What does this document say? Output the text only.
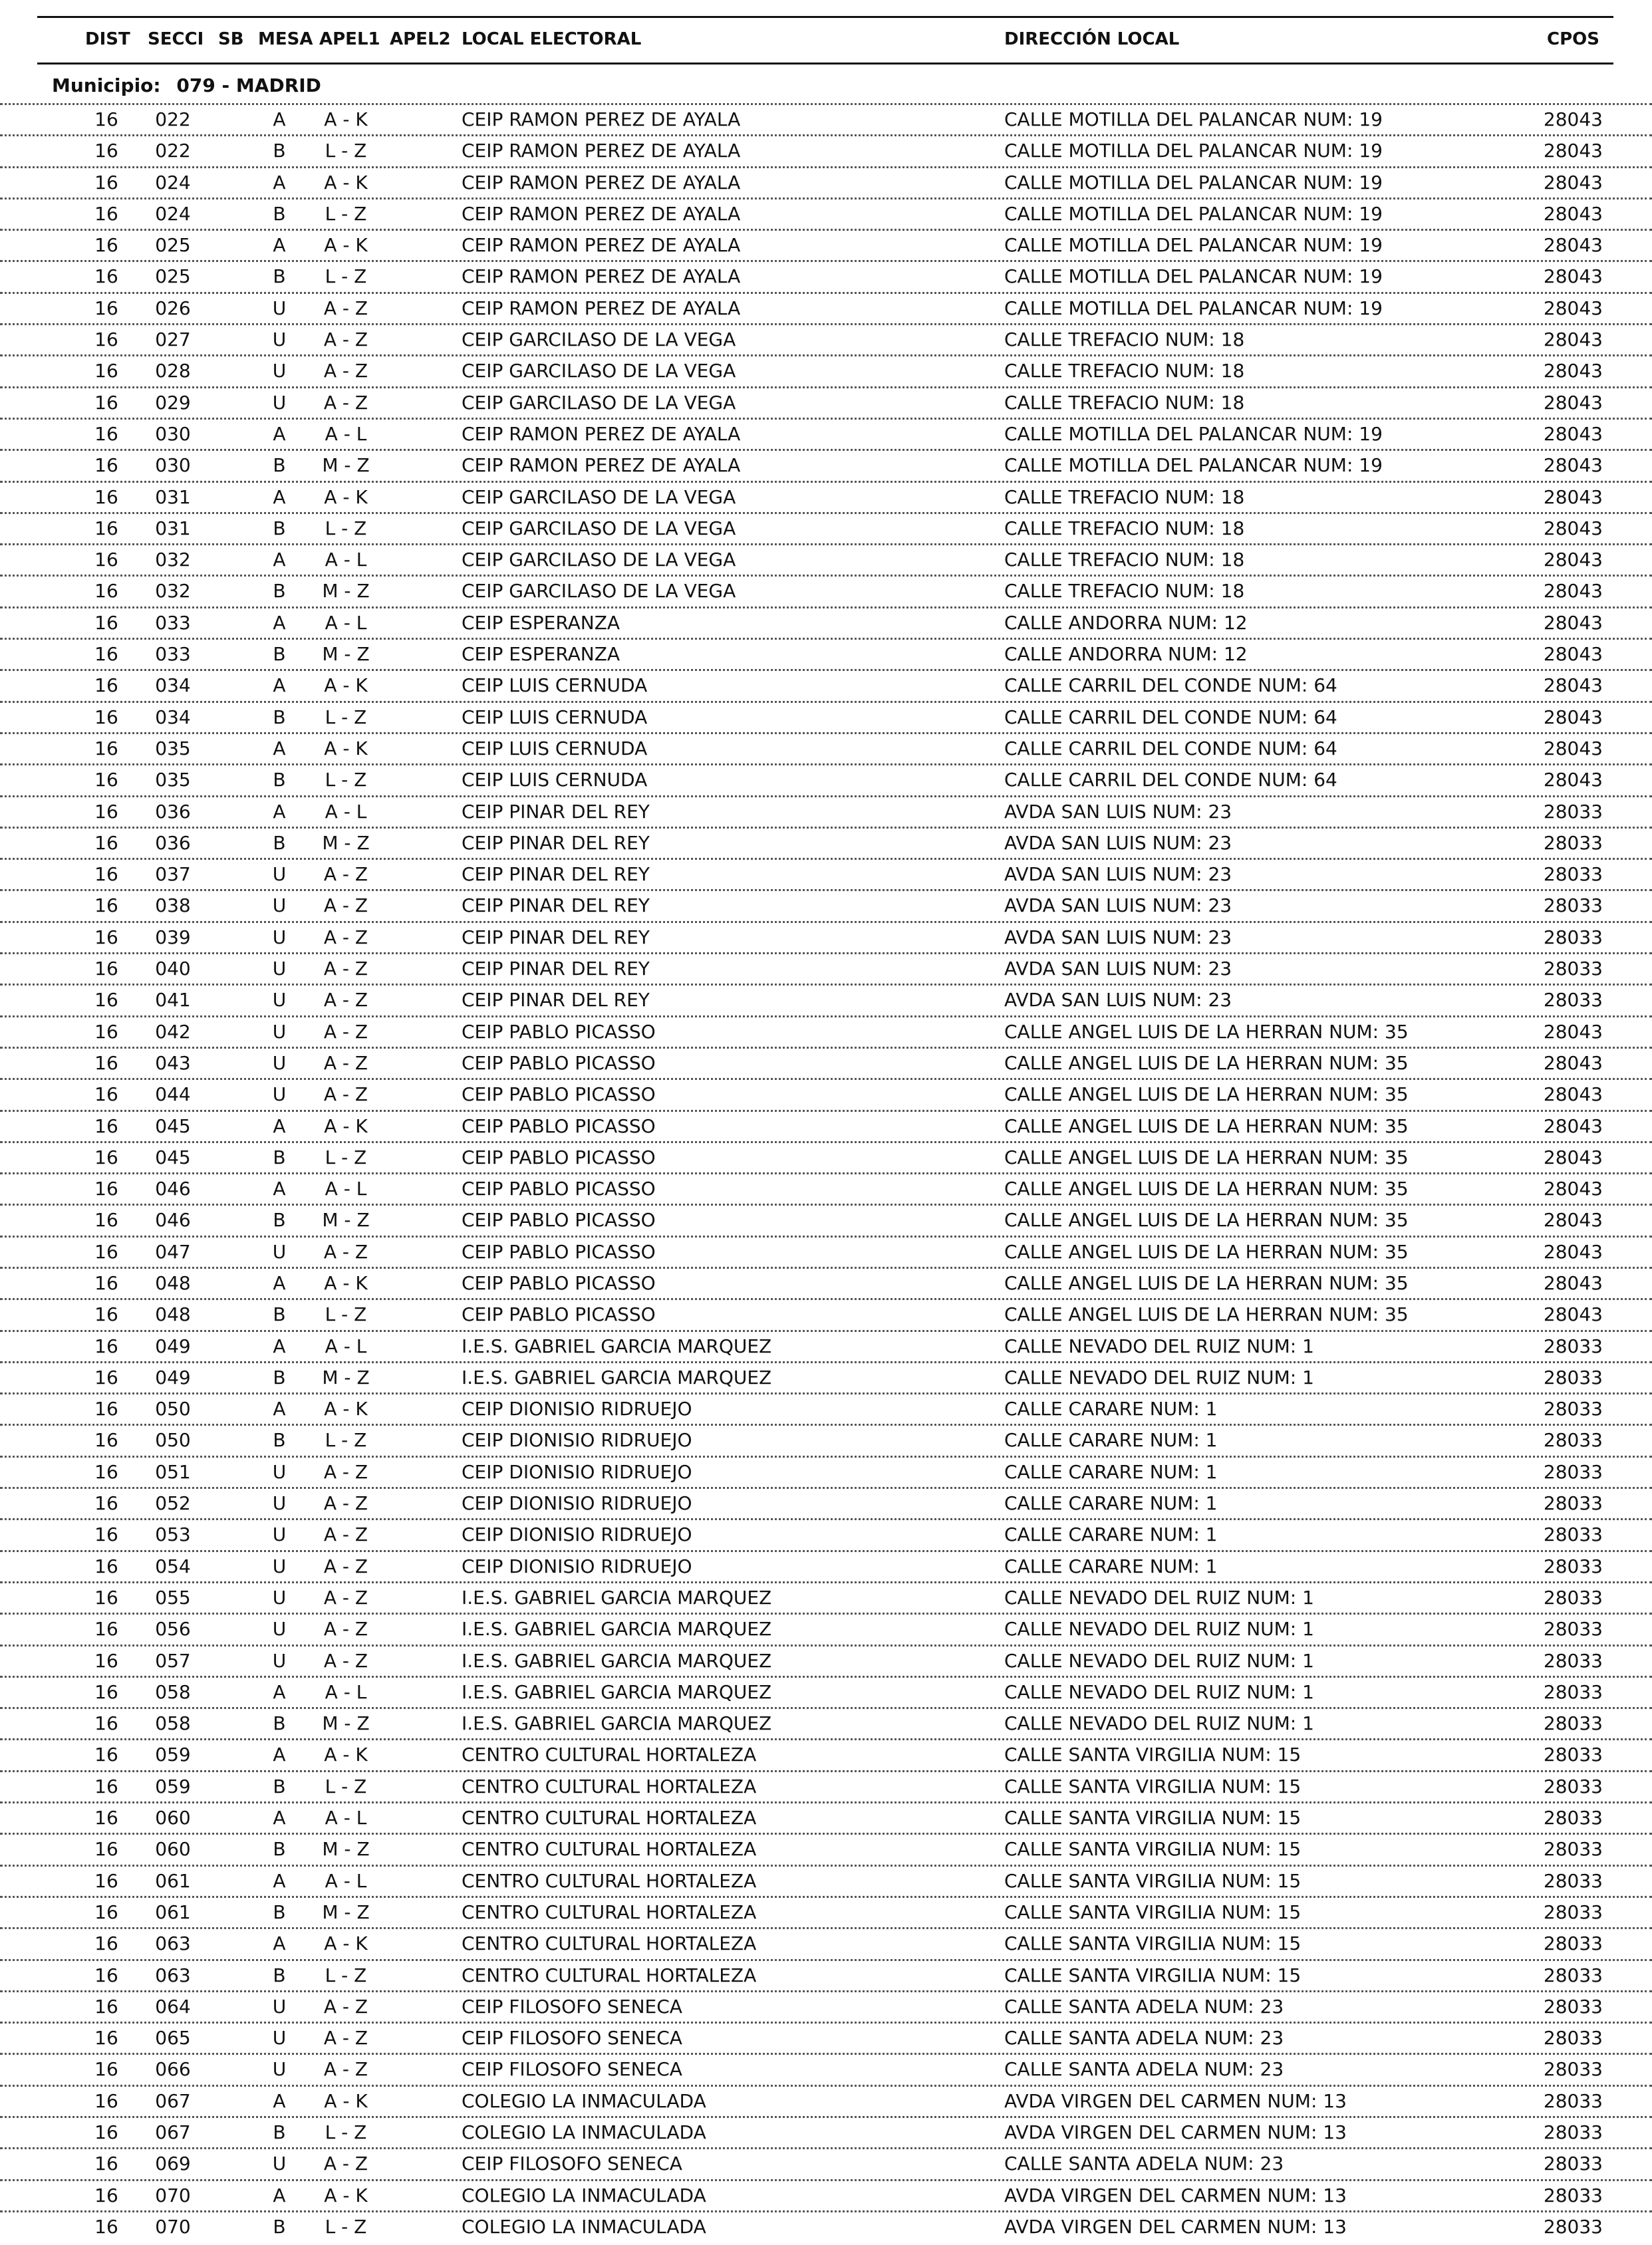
DIST SECCI SB MESA APEL1 APEL2 LOCAL ELECTORAL	DIRECCIÓN LOCAL	CPOS
Municipio: 079 - MADRID
16	022	A	A - K	CEIP RAMON PEREZ DE AYALA	CALLE MOTILLA DEL PALANCAR NUM: 19	28043
16	022	B	L - Z	CEIP RAMON PEREZ DE AYALA	CALLE MOTILLA DEL PALANCAR NUM: 19	28043
16	024	A	A - K	CEIP RAMON PEREZ DE AYALA	CALLE MOTILLA DEL PALANCAR NUM: 19	28043
16	024	B	L - Z	CEIP RAMON PEREZ DE AYALA	CALLE MOTILLA DEL PALANCAR NUM: 19	28043
16	025	A	A - K	CEIP RAMON PEREZ DE AYALA	CALLE MOTILLA DEL PALANCAR NUM: 19	28043
16	025	B	L - Z	CEIP RAMON PEREZ DE AYALA	CALLE MOTILLA DEL PALANCAR NUM: 19	28043
16	026	U	A - Z	CEIP RAMON PEREZ DE AYALA	CALLE MOTILLA DEL PALANCAR NUM: 19	28043
16	027	U	A - Z	CEIP GARCILASO DE LA VEGA	CALLE TREFACIO NUM: 18	28043
16	028	U	A - Z	CEIP GARCILASO DE LA VEGA	CALLE TREFACIO NUM: 18	28043
16	029	U	A - Z	CEIP GARCILASO DE LA VEGA	CALLE TREFACIO NUM: 18	28043
16	030	A	A - L	CEIP RAMON PEREZ DE AYALA	CALLE MOTILLA DEL PALANCAR NUM: 19	28043
16	030	B	M - Z	CEIP RAMON PEREZ DE AYALA	CALLE MOTILLA DEL PALANCAR NUM: 19	28043
16	031	A	A - K	CEIP GARCILASO DE LA VEGA	CALLE TREFACIO NUM: 18	28043
16	031	B	L - Z	CEIP GARCILASO DE LA VEGA	CALLE TREFACIO NUM: 18	28043
16	032	A	A - L	CEIP GARCILASO DE LA VEGA	CALLE TREFACIO NUM: 18	28043
16	032	B	M - Z	CEIP GARCILASO DE LA VEGA	CALLE TREFACIO NUM: 18	28043
16	033	A	A - L	CEIP ESPERANZA	CALLE ANDORRA NUM: 12	28043
16	033	B	M - Z	CEIP ESPERANZA	CALLE ANDORRA NUM: 12	28043
16	034	A	A - K	CEIP LUIS CERNUDA	CALLE CARRIL DEL CONDE NUM: 64	28043
16	034	B	L - Z	CEIP LUIS CERNUDA	CALLE CARRIL DEL CONDE NUM: 64	28043
16	035	A	A - K	CEIP LUIS CERNUDA	CALLE CARRIL DEL CONDE NUM: 64	28043
16	035	B	L - Z	CEIP LUIS CERNUDA	CALLE CARRIL DEL CONDE NUM: 64	28043
16	036	A	A - L	CEIP PINAR DEL REY	AVDA SAN LUIS NUM: 23	28033
16	036	B	M - Z	CEIP PINAR DEL REY	AVDA SAN LUIS NUM: 23	28033
16	037	U	A - Z	CEIP PINAR DEL REY	AVDA SAN LUIS NUM: 23	28033
16	038	U	A - Z	CEIP PINAR DEL REY	AVDA SAN LUIS NUM: 23	28033
16	039	U	A - Z	CEIP PINAR DEL REY	AVDA SAN LUIS NUM: 23	28033
16	040	U	A - Z	CEIP PINAR DEL REY	AVDA SAN LUIS NUM: 23	28033
16	041	U	A - Z	CEIP PINAR DEL REY	AVDA SAN LUIS NUM: 23	28033
16	042	U	A - Z	CEIP PABLO PICASSO	CALLE ANGEL LUIS DE LA HERRAN NUM: 35	28043
16	043	U	A - Z	CEIP PABLO PICASSO	CALLE ANGEL LUIS DE LA HERRAN NUM: 35	28043
16	044	U	A - Z	CEIP PABLO PICASSO	CALLE ANGEL LUIS DE LA HERRAN NUM: 35	28043
16	045	A	A - K	CEIP PABLO PICASSO	CALLE ANGEL LUIS DE LA HERRAN NUM: 35	28043
16	045	B	L - Z	CEIP PABLO PICASSO	CALLE ANGEL LUIS DE LA HERRAN NUM: 35	28043
16	046	A	A - L	CEIP PABLO PICASSO	CALLE ANGEL LUIS DE LA HERRAN NUM: 35	28043
16	046	B	M - Z	CEIP PABLO PICASSO	CALLE ANGEL LUIS DE LA HERRAN NUM: 35	28043
16	047	U	A - Z	CEIP PABLO PICASSO	CALLE ANGEL LUIS DE LA HERRAN NUM: 35	28043
16	048	A	A - K	CEIP PABLO PICASSO	CALLE ANGEL LUIS DE LA HERRAN NUM: 35	28043
16	048	B	L - Z	CEIP PABLO PICASSO	CALLE ANGEL LUIS DE LA HERRAN NUM: 35	28043
16	049	A	A - L	I.E.S. GABRIEL GARCIA MARQUEZ	CALLE NEVADO DEL RUIZ NUM: 1	28033
16	049	B	M - Z	I.E.S. GABRIEL GARCIA MARQUEZ	CALLE NEVADO DEL RUIZ NUM: 1	28033
16	050	A	A - K	CEIP DIONISIO RIDRUEJO	CALLE CARARE NUM: 1	28033
16	050	B	L - Z	CEIP DIONISIO RIDRUEJO	CALLE CARARE NUM: 1	28033
16	051	U	A - Z	CEIP DIONISIO RIDRUEJO	CALLE CARARE NUM: 1	28033
16	052	U	A - Z	CEIP DIONISIO RIDRUEJO	CALLE CARARE NUM: 1	28033
16	053	U	A - Z	CEIP DIONISIO RIDRUEJO	CALLE CARARE NUM: 1	28033
16	054	U	A - Z	CEIP DIONISIO RIDRUEJO	CALLE CARARE NUM: 1	28033
16	055	U	A - Z	I.E.S. GABRIEL GARCIA MARQUEZ	CALLE NEVADO DEL RUIZ NUM: 1	28033
16	056	U	A - Z	I.E.S. GABRIEL GARCIA MARQUEZ	CALLE NEVADO DEL RUIZ NUM: 1	28033
16	057	U	A - Z	I.E.S. GABRIEL GARCIA MARQUEZ	CALLE NEVADO DEL RUIZ NUM: 1	28033
16	058	A	A - L	I.E.S. GABRIEL GARCIA MARQUEZ	CALLE NEVADO DEL RUIZ NUM: 1	28033
16	058	B	M - Z	I.E.S. GABRIEL GARCIA MARQUEZ	CALLE NEVADO DEL RUIZ NUM: 1	28033
16	059	A	A - K	CENTRO CULTURAL HORTALEZA	CALLE SANTA VIRGILIA NUM: 15	28033
16	059	B	L - Z	CENTRO CULTURAL HORTALEZA	CALLE SANTA VIRGILIA NUM: 15	28033
16	060	A	A - L	CENTRO CULTURAL HORTALEZA	CALLE SANTA VIRGILIA NUM: 15	28033
16	060	B	M - Z	CENTRO CULTURAL HORTALEZA	CALLE SANTA VIRGILIA NUM: 15	28033
16	061	A	A - L	CENTRO CULTURAL HORTALEZA	CALLE SANTA VIRGILIA NUM: 15	28033
16	061	B	M - Z	CENTRO CULTURAL HORTALEZA	CALLE SANTA VIRGILIA NUM: 15	28033
16	063	A	A - K	CENTRO CULTURAL HORTALEZA	CALLE SANTA VIRGILIA NUM: 15	28033
16	063	B	L - Z	CENTRO CULTURAL HORTALEZA	CALLE SANTA VIRGILIA NUM: 15	28033
16	064	U	A - Z	CEIP FILOSOFO SENECA	CALLE SANTA ADELA NUM: 23	28033
16	065	U	A - Z	CEIP FILOSOFO SENECA	CALLE SANTA ADELA NUM: 23	28033
16	066	U	A - Z	CEIP FILOSOFO SENECA	CALLE SANTA ADELA NUM: 23	28033
16	067	A	A - K	COLEGIO LA INMACULADA	AVDA VIRGEN DEL CARMEN NUM: 13	28033
16	067	B	L - Z	COLEGIO LA INMACULADA	AVDA VIRGEN DEL CARMEN NUM: 13	28033
16	069	U	A - Z	CEIP FILOSOFO SENECA	CALLE SANTA ADELA NUM: 23	28033
16	070	A	A - K	COLEGIO LA INMACULADA	AVDA VIRGEN DEL CARMEN NUM: 13	28033
16	070	B	L - Z	COLEGIO LA INMACULADA	AVDA VIRGEN DEL CARMEN NUM: 13	28033
